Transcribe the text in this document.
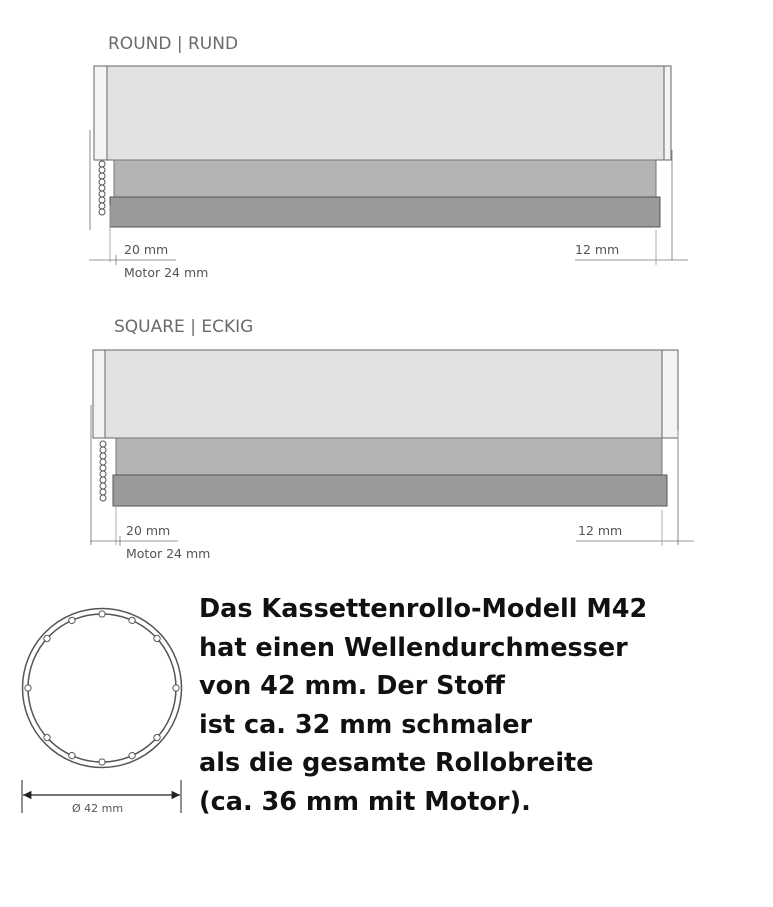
ROUND | RUND
20 mm
Motor 24 mm
12 mm
SQUARE | ECKIG
20 mm
Motor 24 mm
12 mm
Ø 42 mm
Das Kassettenrollo-Modell M42
hat einen Wellendurchmesser
von 42 mm. Der Stoff
ist ca. 32 mm schmaler
als die gesamte Rollobreite
(ca. 36 mm mit Motor).
